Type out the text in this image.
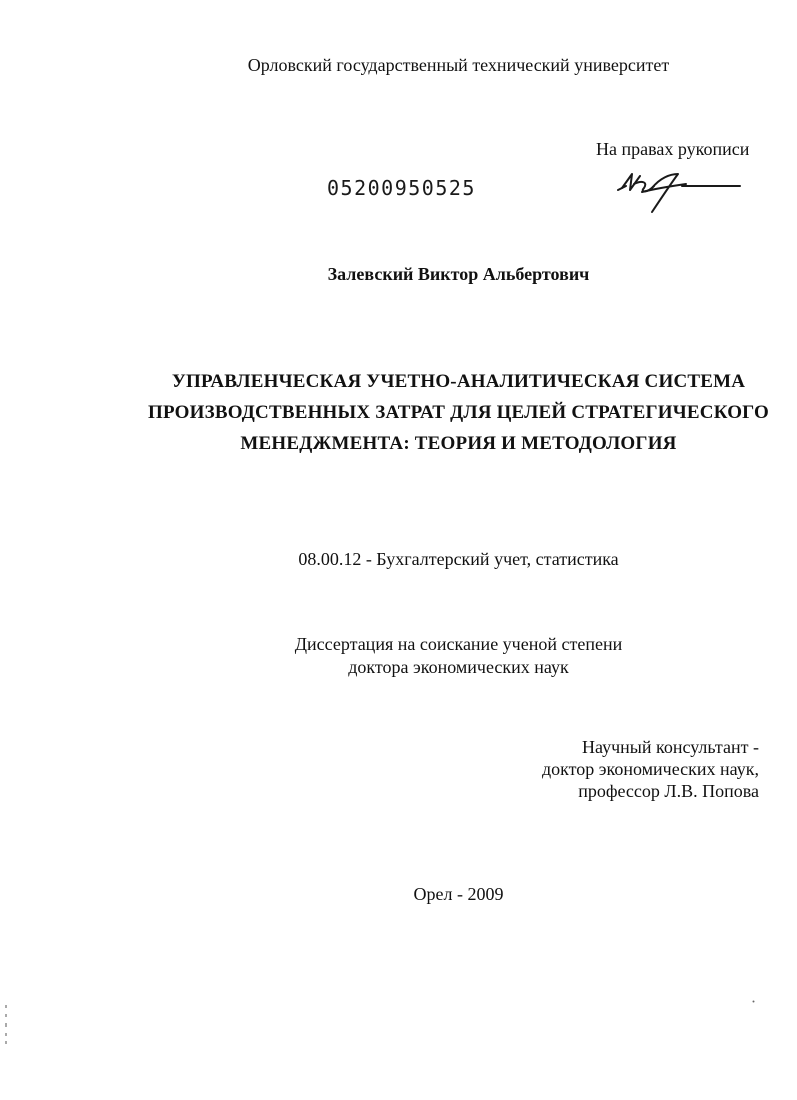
Орловский государственный технический университет
На правах рукописи
05200950525
Залевский Виктор Альбертович
УПРАВЛЕНЧЕСКАЯ УЧЕТНО-АНАЛИТИЧЕСКАЯ СИСТЕМА
ПРОИЗВОДСТВЕННЫХ ЗАТРАТ ДЛЯ ЦЕЛЕЙ СТРАТЕГИЧЕСКОГО
МЕНЕДЖМЕНТА: ТЕОРИЯ И МЕТОДОЛОГИЯ
08.00.12 - Бухгалтерский учет, статистика
Диссертация на соискание ученой степени
доктора экономических наук
Научный консультант -
доктор экономических наук,
профессор Л.В. Попова
Орел - 2009
